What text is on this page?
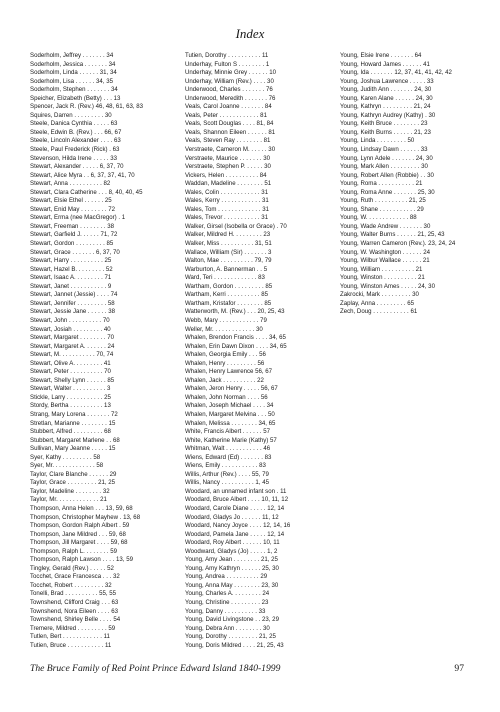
Index
Soderholm, Jeffrey . . . . . . . 34
Soderholm, Jessica . . . . . . . 34
Soderholm, Linda . . . . . . 31, 34
Soderholm, Lisa . . . . . . 34, 35
Soderholm, Stephen . . . . . . . 34
Speicher, Elizabeth (Betty) . . . 13
Spencer, Jack R. (Rev.) 46, 48, 61, 63, 83
Squires, Darren . . . . . . . . . 30
Steele, Danica Cynthia . . . . . 63
Steele, Edwin B. (Rev.) . . . 66, 67
Steele, Lincoln Alexander . . . . 63
Steele, Paul Frederick (Rick) . 63
Stevenson, Hilda Irene . . . . . 33
Stewart, Alexander . . . . . 6, 37, 70
Stewart, Alice Myra . . 6, 37, 37, 41, 70
Stewart, Anna . . . . . . . . . . 82
Stewart, Clara Catherine . . . 8, 40, 40, 45
Stewart, Elsie Ethel . . . . . . 25
Stewart, Enid May . . . . . . . . 72
Stewart, Erma (nee MacGregor) . 1
Stewart, Freeman . . . . . . . . 38
Stewart, Garfield J. . . . . . 71, 72
Stewart, Gordon . . . . . . . . . 85
Stewart, Grace . . . . . . . 6, 37, 70
Stewart, Harry . . . . . . . . . . 25
Stewart, Hazel B. . . . . . . . . 52
Stewart, Isaac A. . . . . . . . . 71
Stewart, Janet . . . . . . . . . . . 9
Stewart, Jannet (Jessie) . . . . 74
Stewart, Jennifer . . . . . . . . . 58
Stewart, Jessie Jane . . . . . . 38
Stewart, John . . . . . . . . . . 70
Stewart, Josiah . . . . . . . . . 40
Stewart, Margaret . . . . . . . . 70
Stewart, Margaret A. . . . . . . 24
Stewart, M. . . . . . . . . . . 70, 74
Stewart, Olive A. . . . . . . . . 41
Stewart, Peter . . . . . . . . . . 70
Stewart, Shelly Lynn . . . . . . 85
Stewart, Walter . . . . . . . . . . 3
Stickle, Larry . . . . . . . . . . . 25
Stordy, Bertha . . . . . . . . . . 13
Strang, Mary Lorena . . . . . . . 72
Stretlan, Marianne . . . . . . . . 15
Stubbert, Alfred . . . . . . . . . 68
Stubbert, Margaret Marlene . . 68
Sullivan, Mary Jeanne . . . . . 15
Syer, Kathy . . . . . . . . . 58
Syer, Mr. . . . . . . . . . . . . 58
Taylor, Clare Blanche . . . . . . 29
Taylor, Grace . . . . . . . . . 21, 25
Taylor, Madeline . . . . . . . . 32
Taylor, Mr. . . . . . . . . . . . . 21
Thompson, Anna Helen . . . 13, 59, 68
Thompson, Christopher Mayhew . 13, 68
Thompson, Gordon Ralph Albert . 59
Thompson, Jane Mildred . . . 59, 68
Thompson, Jill Margaret . . . . 59, 68
Thompson, Ralph L. . . . . . . . 59
Thompson, Ralph Lawson . . . . 13, 59
Tingley, Gerald (Rev.) . . . . . 52
Tocchet, Grace Francesca . . . 32
Tocchet, Robert . . . . . . . . . 32
Tonelli, Brad . . . . . . . . . . 55, 55
Townshend, Clifford Craig . . . 63
Townshend, Nora Eileen . . . . 63
Townshend, Shirley Belle . . . . 54
Tremere, Mildred . . . . . . . . . 59
Tutlen, Bert . . . . . . . . . . . . 11
Tutien, Bruce . . . . . . . . . . . 11
Tutien, Dorothy . . . . . . . . . . 11
Underhay, Fulton S . . . . . . . . 1
Underhay, Minnie Grey . . . . . . 10
Underhay, William (Rev.) . . . . 30
Underwood, Charles . . . . . . . 76
Underwood, Meredith . . . . . . . 76
Veals, Carol Joanne . . . . . . . 84
Veals, Peter . . . . . . . . . . . . 81
Veals, Scott Douglas . . . . 81, 84
Veals, Shannon Eileen . . . . . . 81
Veals, Steven Ray . . . . . . . . 81
Verstraete, Cameron M. . . . . . 30
Verstraete, Maurice . . . . . . . 30
Verstraete, Stephen P. . . . . . 30
Vickers, Helen . . . . . . . . . . 84
Waddan, Madeline . . . . . . . . 51
Wales, Colin . . . . . . . . . . . . 31
Wales, Kerry . . . . . . . . . . . . 31
Wales, Tom . . . . . . . . . . . . . 31
Wales, Trevor . . . . . . . . . . . 31
Walker, Girsel (Isobella or Grace) . 70
Walker, Mildred H. . . . . . . . . 23
Walker, Miss . . . . . . . . . . 31, 51
Wallace, William (Sir) . . . . . . . 3
Walton, Mae . . . . . . . . . . 79, 79
Warburton, A. Bannerman . . 5
Ward, Teri . . . . . . . . . . . . . 83
Wartham, Gordon . . . . . . . . . 85
Wartham, Kerri . . . . . . . . . . 85
Wartham, Kristafor . . . . . . . . 85
Watterworth, M. (Rev.) . . . 20, 25, 43
Webb, Mary . . . . . . . . . . . . 79
Weller, Mr. . . . . . . . . . . . . 30
Whalen, Brendon Francis . . . . 34, 65
Whalen, Erin Dawn Dixon . . . . 34, 65
Whalen, Georgia Emily . . . 56
Whalen, Henry . . . . . . . . . 56
Whalen, Henry Lawrence 56, 67
Whalen, Jack . . . . . . . . . . 22
Whalen, Jeron Henry . . . . . 56, 67
Whalen, John Norman . . . . 56
Whalen, Joseph Michael . . . . 34
Whalen, Margaret Melvina . . . 50
Whalen, Melissa . . . . . . . . 34, 65
White, Francis Albert . . . . . . 57
White, Katherine Marie (Kathy) 57
Whitman, Walt . . . . . . . . . . . 46
Wiens, Edward (Ed) . . . . . . . 83
Wiens, Emily . . . . . . . . . . . 83
Willis, Arthur (Rev.) . . . . 55, 79
Willis, Nancy . . . . . . . . . . 1, 45
Woodard, an unnamed infant son . 11
Woodard, Bruce Albert . . . . 10, 11, 12
Woodard, Carole Diane . . . . . 12, 14
Woodard, Gladys Jo . . . . . . 11, 12
Woodard, Nancy Joyce . . . . 12, 14, 16
Woodard, Pamela Jane . . . . . 12, 14
Woodard, Roy Albert . . . . . . 10, 11
Woodward, Gladys (Jo) . . . . . 1, 2
Young, Amy Jean . . . . . . . . 21, 25
Young, Amy Kathryn . . . . . . 25, 30
Young, Andrea . . . . . . . . . . 29
Young, Anna May . . . . . . . . 23, 30
Young, Charles A. . . . . . . . . 24
Young, Christine . . . . . . . . . 23
Young, Danny . . . . . . . . . . 33
Young, David Livingstone . . 23, 29
Young, Debra Ann . . . . . . . . 30
Young, Dorothy . . . . . . . . . 21, 25
Young, Doris Mildred . . . . 21, 25, 43
Young, Elsie Irene . . . . . . . 64
Young, Howard James . . . . . . 41
Young, Ida . . . . . . . 12, 37, 41, 41, 42, 42
Young, Joshua Lawrence . . . . . 33
Young, Judith Ann . . . . . . . 24, 30
Young, Karen Alane . . . . . . 24, 30
Young, Kathryn . . . . . . . . . 21, 24
Young, Kathryn Audrey (Kathy) . 30
Young, Keith Bruce . . . . . . . . 23
Young, Keith Burns . . . . . . 21, 23
Young, Linda . . . . . . . . . 50
Young, Lindsay Dawn . . . . . . 33
Young, Lynn Adele . . . . . . . 24, 30
Young, Mark Allen . . . . . . . . . 30
Young, Robert Allen (Robbie) . . 30
Young, Roma . . . . . . . . . . . 21
Young, Roma Anne . . . . . . . 25, 30
Young, Ruth . . . . . . . . . . 21, 25
Young, Shane . . . . . . . . . . . 29
Young, W. . . . . . . . . . . . . 88
Young, Wade Andrew . . . . . . . 30
Young, Walter Burns . . . . . . 21, 25, 43
Young, Warren Cameron (Rev.). 23, 24, 24
Young, W. Washington . . . . . . 24
Young, Wilbur Wallace . . . . . . 21
Young, William . . . . . . . . . . 21
Young, Winston . . . . . . . . . . 21
Young, Winston Ames . . . . . 24, 30
Zakrocki, Mark . . . . . . . . . 30
Zaplay, Anna . . . . . . . . . 65
Zech, Doug . . . . . . . . . . . 61
The Bruce Family of Red Point Prince Edward Island 1840-1999	97
